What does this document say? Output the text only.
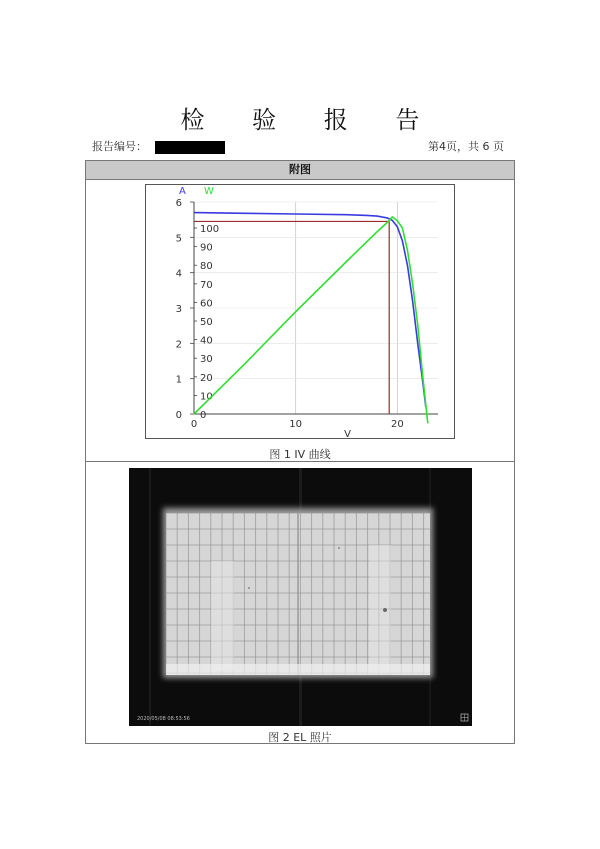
检 验 报 告
报告编号：	第4页，共 6 页
附图
0
1
2
3
4
5
6
0
10
20
30
40
50
60
70
80
90
100
0	10	20
V
A W
图 1 IV 曲线
2020/05/08 08:53:56
图 2 EL 照片
